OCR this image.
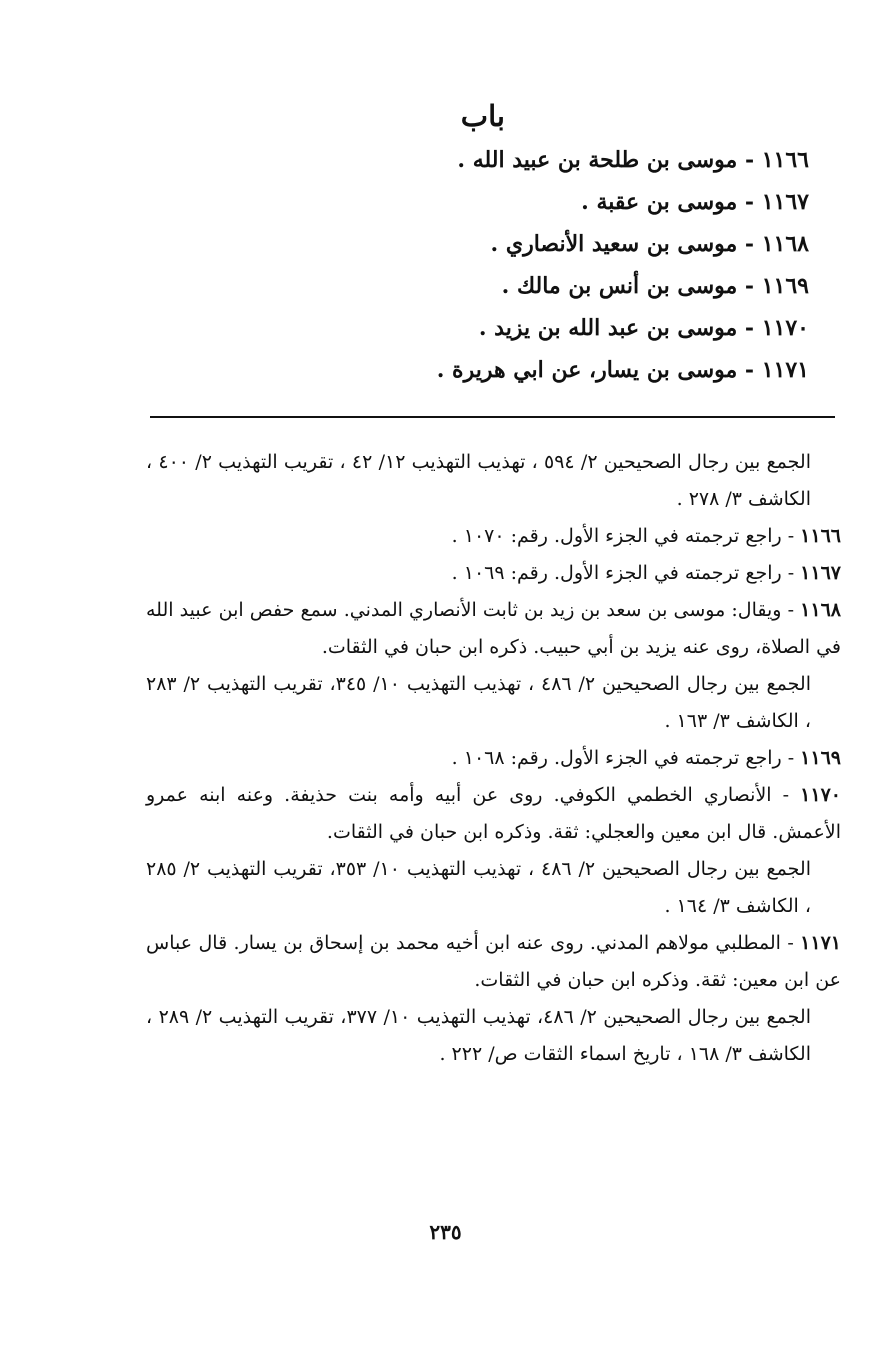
باب
١١٦٦ - موسى بن طلحة بن عبيد الله .
١١٦٧ - موسى بن عقبة .
١١٦٨ - موسى بن سعيد الأنصاري .
١١٦٩ - موسى بن أنس بن مالك .
١١٧٠ - موسى بن عبد الله بن يزيد .
١١٧١ - موسى بن يسار، عن ابي هريرة .
الجمع بين رجال الصحيحين ٢/ ٥٩٤ ، تهذيب التهذيب ١٢/ ٤٢ ، تقريب التهذيب ٢/ ٤٠٠ ، الكاشف ٣/ ٢٧٨ .
١١٦٦ - راجع ترجمته في الجزء الأول. رقم: ١٠٧٠ .
١١٦٧ - راجع ترجمته في الجزء الأول. رقم: ١٠٦٩ .
١١٦٨ - ويقال: موسى بن سعد بن زيد بن ثابت الأنصاري المدني. سمع حفص ابن عبيد الله في الصلاة، روى عنه يزيد بن أبي حبيب. ذكره ابن حبان في الثقات.
الجمع بين رجال الصحيحين ٢/ ٤٨٦ ، تهذيب التهذيب ١٠/ ٣٤٥، تقريب التهذيب ٢/ ٢٨٣ ، الكاشف ٣/ ١٦٣ .
١١٦٩ - راجع ترجمته في الجزء الأول. رقم: ١٠٦٨ .
١١٧٠ - الأنصاري الخطمي الكوفي. روى عن أبيه وأمه بنت حذيفة. وعنه ابنه عمرو الأعمش. قال ابن معين والعجلي: ثقة. وذكره ابن حبان في الثقات.
الجمع بين رجال الصحيحين ٢/ ٤٨٦ ، تهذيب التهذيب ١٠/ ٣٥٣، تقريب التهذيب ٢/ ٢٨٥ ، الكاشف ٣/ ١٦٤ .
١١٧١ - المطلبي مولاهم المدني. روى عنه ابن أخيه محمد بن إسحاق بن يسار. قال عباس عن ابن معين: ثقة. وذكره ابن حبان في الثقات.
الجمع بين رجال الصحيحين ٢/ ٤٨٦، تهذيب التهذيب ١٠/ ٣٧٧، تقريب التهذيب ٢/ ٢٨٩ ، الكاشف ٣/ ١٦٨ ، تاريخ اسماء الثقات ص/ ٢٢٢ .
٢٣٥
